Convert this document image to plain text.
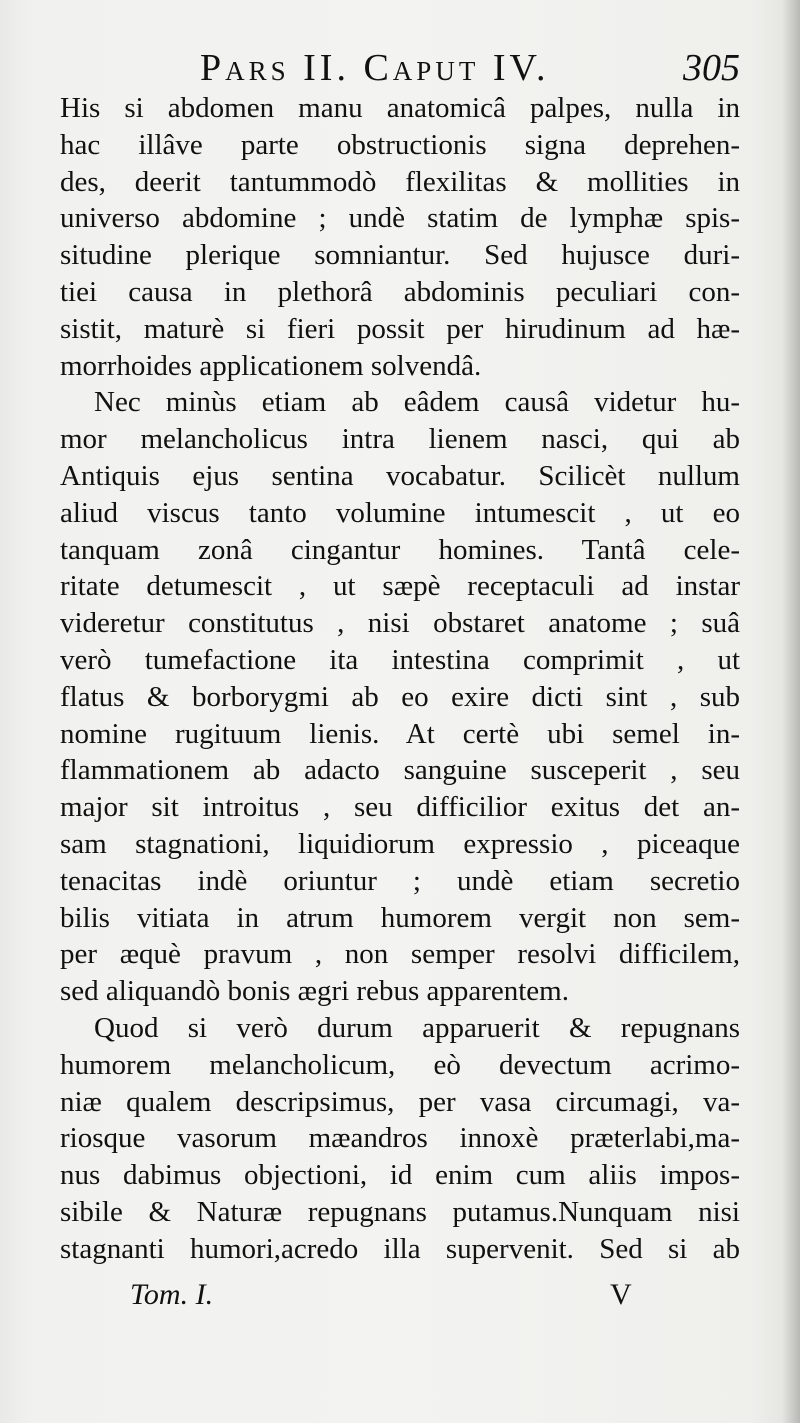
Pars II. Caput IV.	305
His si abdomen manu anatomicâ palpes, nulla in
hac illâve parte obstructionis signa deprehen-
des, deerit tantummodò flexilitas & mollities in
universo abdomine ; undè statim de lymphæ spis-
situdine plerique somniantur. Sed hujusce duri-
tiei causa in plethorâ abdominis peculiari con-
sistit, maturè si fieri possit per hirudinum ad hæ-
morrhoides applicationem solvendâ.
Nec minùs etiam ab eâdem causâ videtur hu-
mor melancholicus intra lienem nasci, qui ab
Antiquis ejus sentina vocabatur. Scilicèt nullum
aliud viscus tanto volumine intumescit , ut eo
tanquam zonâ cingantur homines. Tantâ cele-
ritate detumescit , ut sæpè receptaculi ad instar
videretur constitutus , nisi obstaret anatome ; suâ
verò tumefactione ita intestina comprimit , ut
flatus & borborygmi ab eo exire dicti sint , sub
nomine rugituum lienis. At certè ubi semel in-
flammationem ab adacto sanguine susceperit , seu
major sit introitus , seu difficilior exitus det an-
sam stagnationi, liquidiorum expressio , piceaque
tenacitas indè oriuntur ; undè etiam secretio
bilis vitiata in atrum humorem vergit non sem-
per æquè pravum , non semper resolvi difficilem,
sed aliquandò bonis ægri rebus apparentem.
Quod si verò durum apparuerit & repugnans
humorem melancholicum, eò devectum acrimo-
niæ qualem descripsimus, per vasa circumagi, va-
riosque vasorum mæandros innoxè præterlabi,ma-
nus dabimus objectioni, id enim cum aliis impos-
sibile & Naturæ repugnans putamus.Nunquam nisi
stagnanti humori,acredo illa supervenit. Sed si ab
Tom. I.	V
